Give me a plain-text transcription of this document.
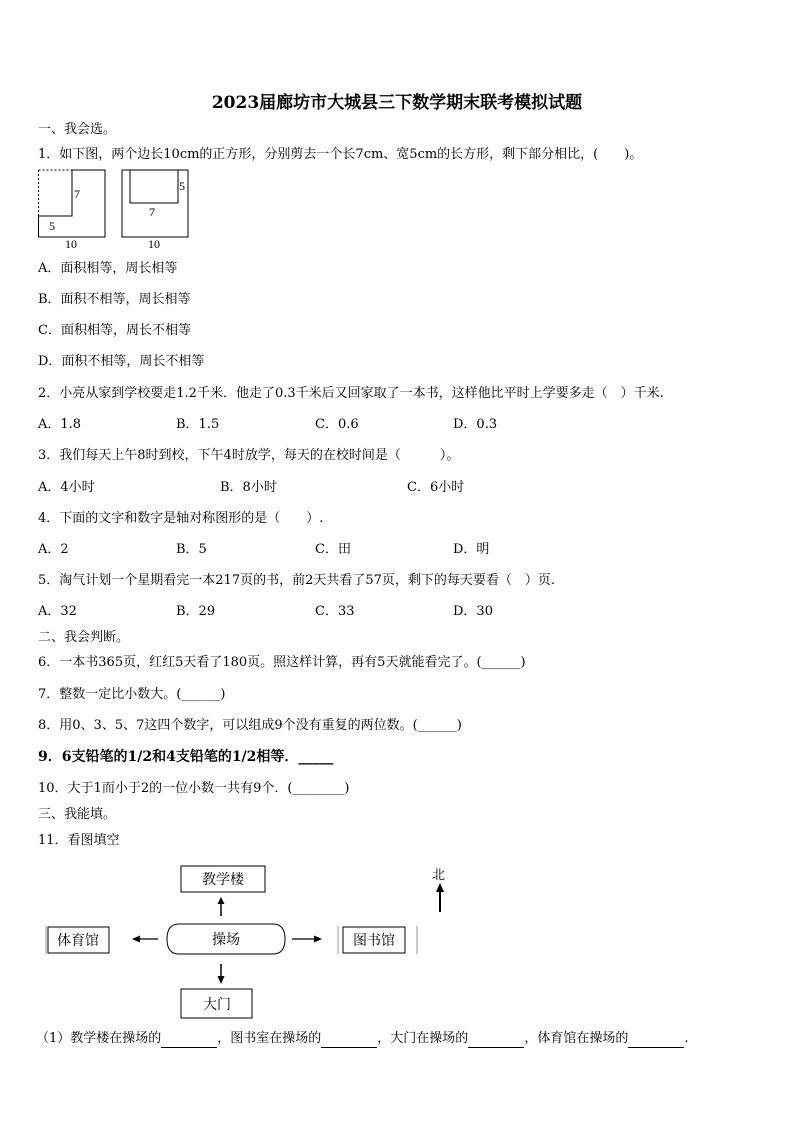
2023届廊坊市大城县三下数学期末联考模拟试题
一、我会选。
1．如下图，两个边长10cm的正方形，分别剪去一个长7cm、宽5cm的长方形，剩下部分相比，(　　)。
7
5
10
5
7
10
A．面积相等，周长相等
B．面积不相等，周长相等
C．面积相等，周长不相等
D．面积不相等，周长不相等
2．小亮从家到学校要走1.2千米．他走了0.3千米后又回家取了一本书，这样他比平时上学要多走（　）千米.
A．1.8	B．1.5	C．0.6	D．0.3
3．我们每天上午8时到校，下午4时放学，每天的在校时间是（　　　）。
A．4小时	B．8小时	C．6小时
4．下面的文字和数字是轴对称图形的是（　　）.
A．2	B．5	C．田	D．明
5．淘气计划一个星期看完一本217页的书，前2天共看了57页，剩下的每天要看（　）页.
A．32	B．29	C．33	D．30
二、我会判断。
6．一本书365页，红红5天看了180页。照这样计算，再有5天就能看完了。(______)
7．整数一定比小数大。(______)
8．用0、3、5、7这四个数字，可以组成9个没有重复的两位数。(______)
9．6支铅笔的1/2和4支铅笔的1/2相等．_____
10．大于1而小于2的一位小数一共有9个．(________)
三、我能填。
11．看图填空
北
教学楼
操场
体育馆	图书馆
大门
（1）教学楼在操场的	，图书室在操场的	，大门在操场的	，体育馆在操场的	.
